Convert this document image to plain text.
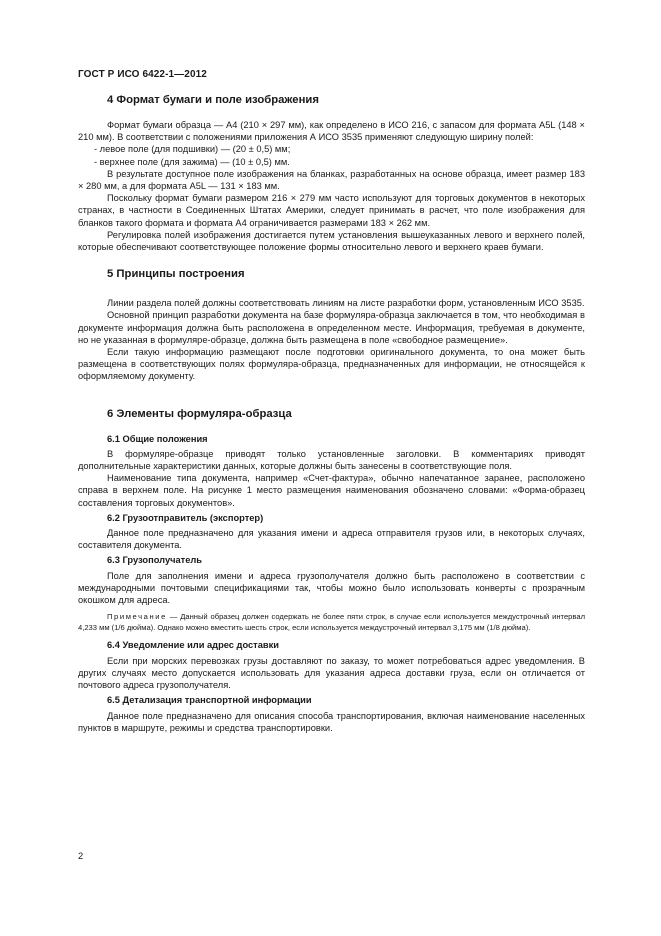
ГОСТ Р ИСО 6422-1—2012
4 Формат бумаги и поле изображения

Формат бумаги образца — А4 (210 × 297 мм), как определено в ИСО 216, с запасом для формата А5L (148 × 210 мм). В соответствии с положениями приложения А ИСО 3535 применяют следующую ширину полей:

- левое поле (для подшивки) — (20 ± 0,5) мм;

- верхнее поле (для зажима) — (10 ± 0,5) мм.

В результате доступное поле изображения на бланках, разработанных на основе образца, имеет размер 183 × 280 мм, а для формата А5L — 131 × 183 мм.

Поскольку формат бумаги размером 216 × 279 мм часто используют для торговых документов в некоторых странах, в частности в Соединенных Штатах Америки, следует принимать в расчет, что поле изображения для бланков такого формата и формата А4 ограничивается размерами 183 × 262 мм.

Регулировка полей изображения достигается путем установления вышеуказанных левого и верхнего полей, которые обеспечивают соответствующее положение формы относительно левого и верхнего краев бумаги.

5 Принципы построения

Линии раздела полей должны соответствовать линиям на листе разработки форм, установленным ИСО 3535.

Основной принцип разработки документа на базе формуляра-образца заключается в том, что необходимая в документе информация должна быть расположена в определенном месте. Информация, требуемая в документе, но не указанная в формуляре-образце, должна быть размещена в поле «свободное размещение».

Если такую информацию размещают после подготовки оригинального документа, то она может быть размещена в соответствующих полях формуляра-образца, предназначенных для информации, не относящейся к оформляемому документу.

6 Элементы формуляра-образца
6.1 Общие положения

В формуляре-образце приводят только установленные заголовки. В комментариях приводят дополнительные характеристики данных, которые должны быть занесены в соответствующие поля.

Наименование типа документа, например «Счет-фактура», обычно напечатанное заранее, расположено справа в верхнем поле. На рисунке 1 место размещения наименования обозначено словами: «Форма-образец составления торговых документов».

6.2 Грузоотправитель (экспортер)

Данное поле предназначено для указания имени и адреса отправителя грузов или, в некоторых случаях, составителя документа.

6.3 Грузополучатель

Поле для заполнения имени и адреса грузополучателя должно быть расположено в соответствии с международными почтовыми спецификациями так, чтобы можно было использовать конверты с прозрачным окошком для адреса.

Примечание — Данный образец должен содержать не более пяти строк, в случае если используется междустрочный интервал 4,233 мм (1/6 дюйма). Однако можно вместить шесть строк, если используется междустрочный интервал 3,175 мм (1/8 дюйма).

6.4 Уведомление или адрес доставки

Если при морских перевозках грузы доставляют по заказу, то может потребоваться адрес уведомления. В других случаях место допускается использовать для указания адреса доставки груза, если он отличается от почтового адреса грузополучателя.

6.5 Детализация транспортной информации

Данное поле предназначено для описания способа транспортирования, включая наименование населенных пунктов в маршруте, режимы и средства транспортировки.

2
